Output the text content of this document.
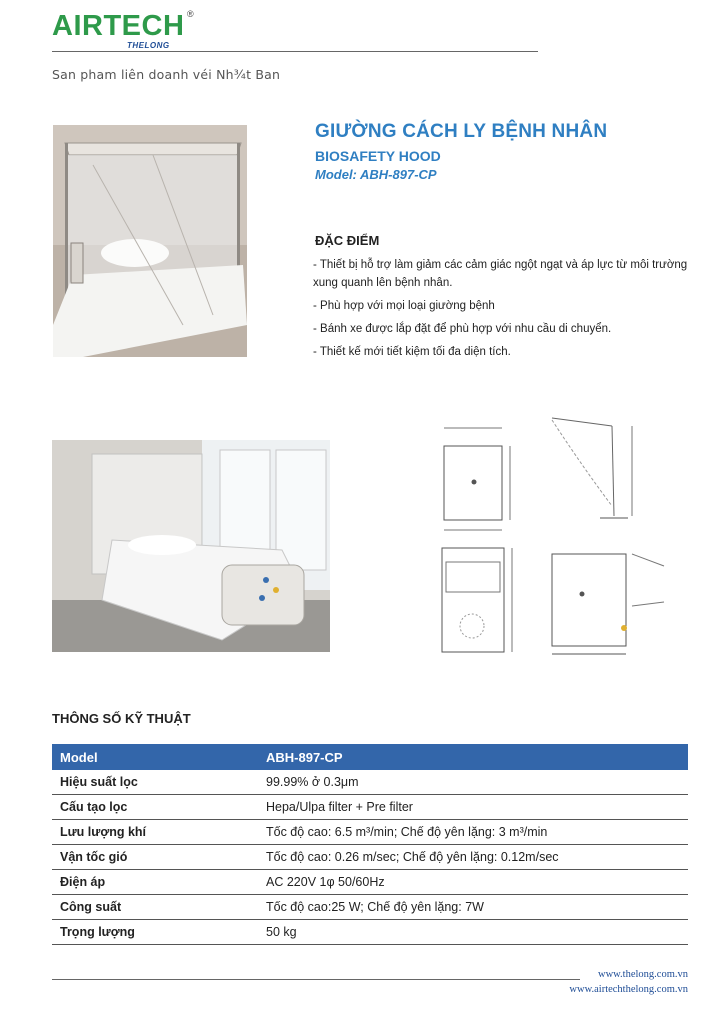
AIRTECH ®
THELONG
San pham liên doanh véi Nh¾t Ban
GIƯỜNG CÁCH LY BỆNH NHÂN
BIOSAFETY HOOD
Model: ABH-897-CP
ĐẶC ĐIỂM
- Thiết bị hỗ trợ làm giảm các cảm giác ngột ngạt và áp lực từ môi trường xung quanh lên bệnh nhân.
- Phù hợp với mọi loại giường bệnh
- Bánh xe được lắp đặt để phù hợp với nhu cầu di chuyển.
- Thiết kế mới tiết kiệm tối đa diện tích.
THÔNG SỐ KỸ THUẬT
Model	ABH-897-CP
Hiệu suất lọc	99.99% ở 0.3μm
Cấu tạo lọc	Hepa/Ulpa filter + Pre filter
Lưu lượng khí	Tốc độ cao: 6.5 m³/min; Chế độ yên lặng: 3 m³/min
Vận tốc gió	Tốc độ cao: 0.26 m/sec; Chế độ yên lặng: 0.12m/sec
Điện áp	AC 220V 1φ 50/60Hz
Công suất	Tốc độ cao:25 W; Chế độ yên lặng: 7W
Trọng lượng	50 kg
www.thelong.com.vn
www.airtechthelong.com.vn
